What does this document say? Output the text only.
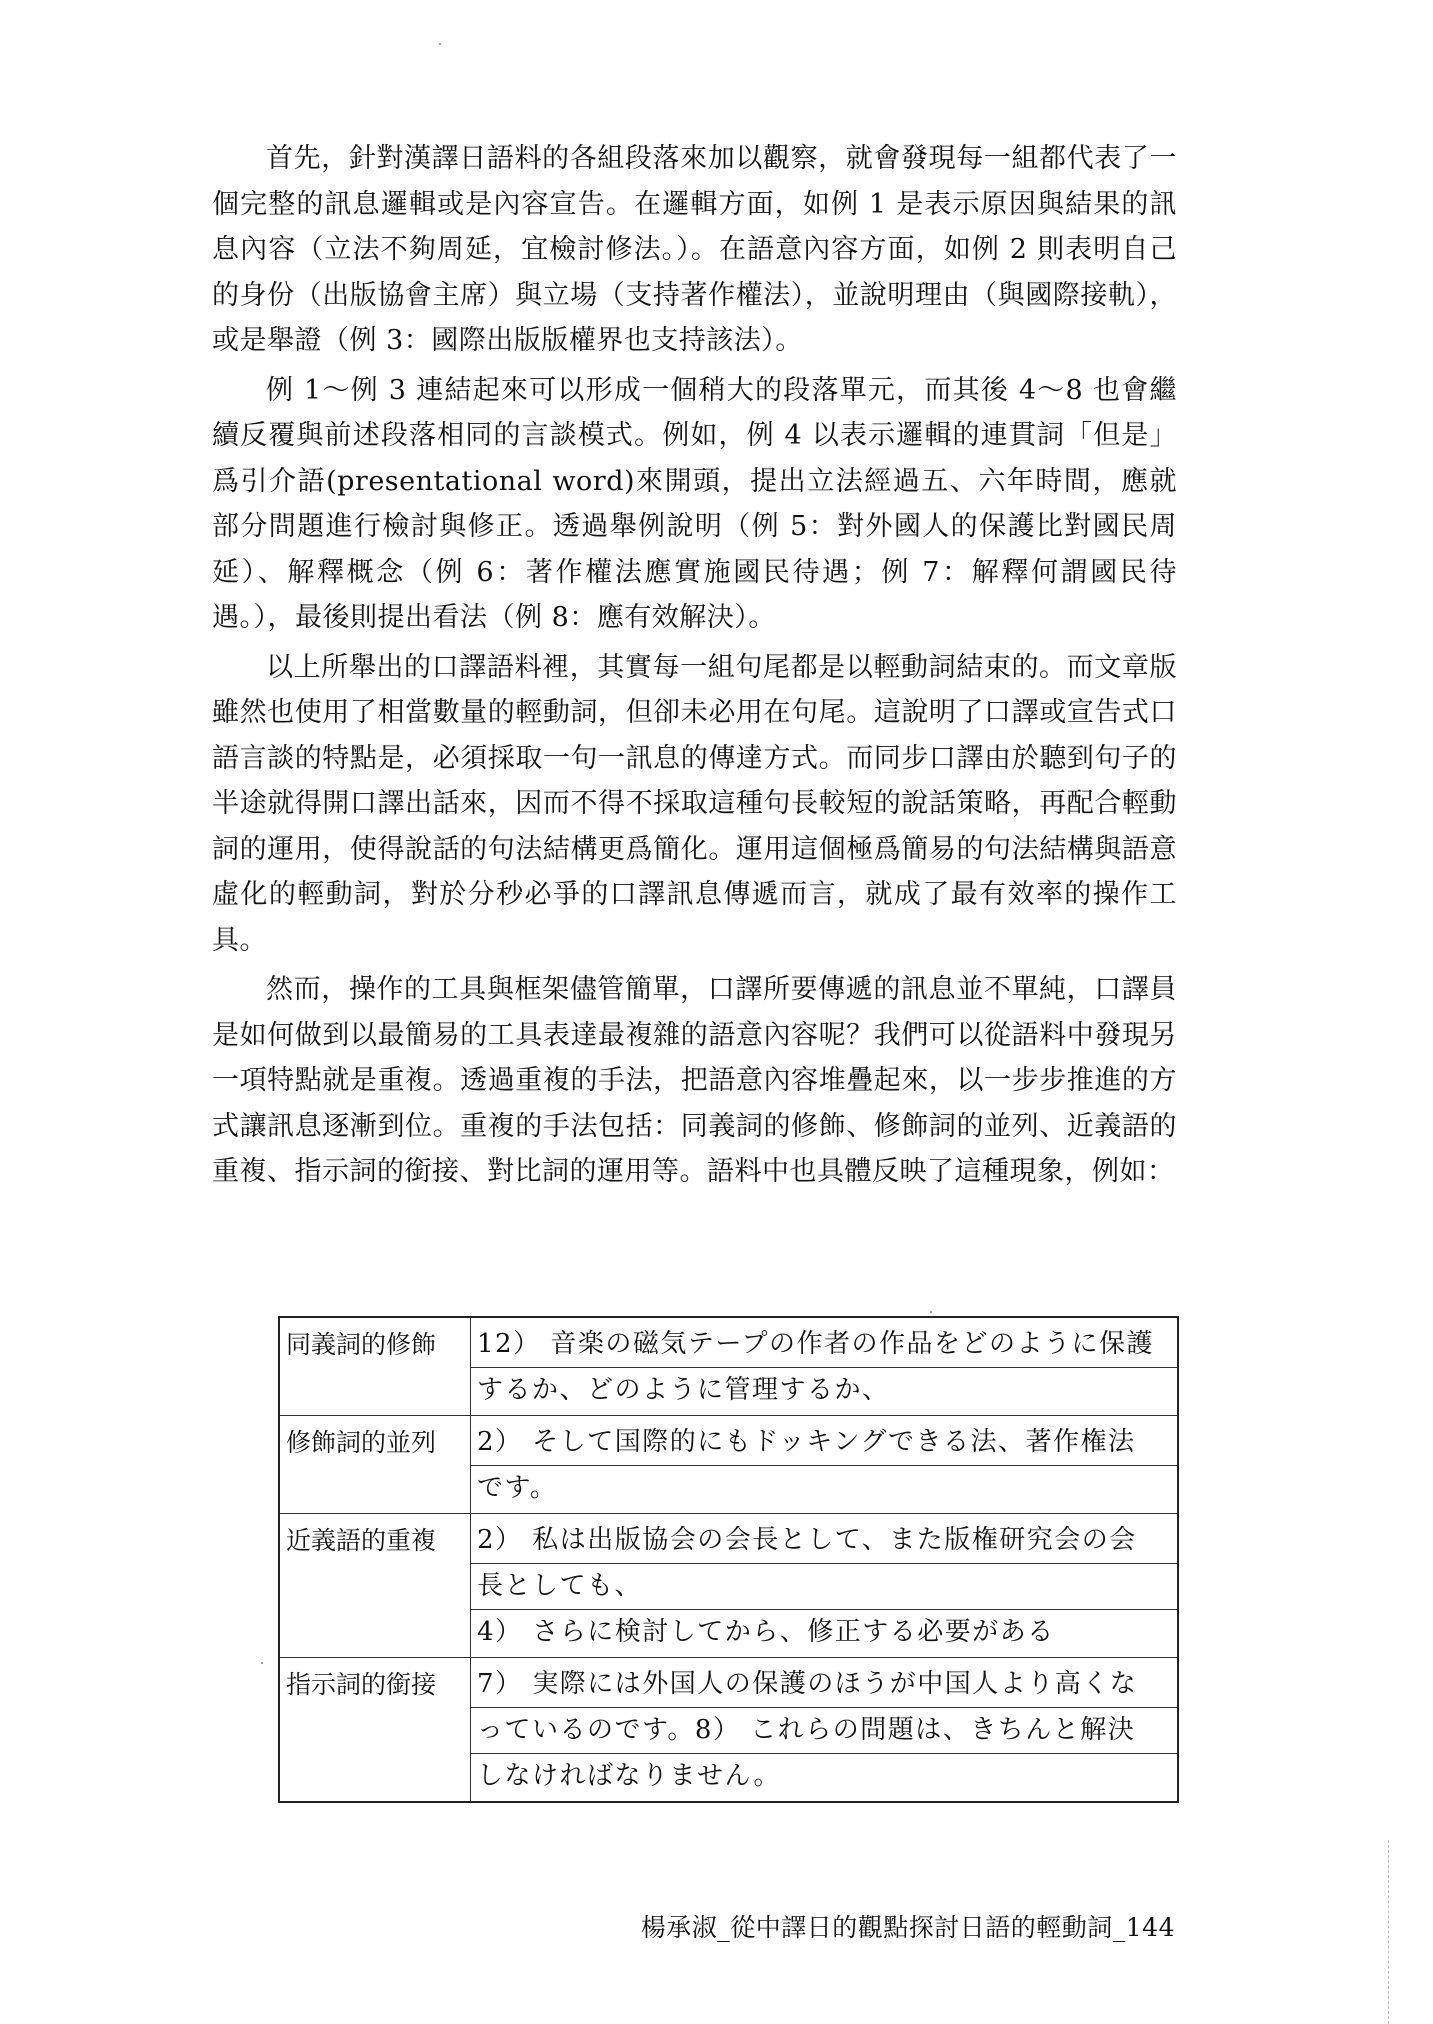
首先，針對漢譯日語料的各組段落來加以觀察，就會發現每一組都代表了一個完整的訊息邏輯或是內容宣告。在邏輯方面，如例 1 是表示原因與結果的訊息內容（立法不夠周延，宜檢討修法。）。在語意內容方面，如例 2 則表明自己的身份（出版協會主席）與立場（支持著作權法），並說明理由（與國際接軌），或是舉證（例 3：國際出版版權界也支持該法）。

例 1～例 3 連結起來可以形成一個稍大的段落單元，而其後 4～8 也會繼續反覆與前述段落相同的言談模式。例如，例 4 以表示邏輯的連貫詞「但是」爲引介語(presentational word)來開頭，提出立法經過五、六年時間，應就部分問題進行檢討與修正。透過舉例說明（例 5：對外國人的保護比對國民周延）、解釋概念（例 6：著作權法應實施國民待遇；例 7：解釋何謂國民待遇。），最後則提出看法（例 8：應有效解決）。

以上所舉出的口譯語料裡，其實每一組句尾都是以輕動詞結束的。而文章版雖然也使用了相當數量的輕動詞，但卻未必用在句尾。這說明了口譯或宣告式口語言談的特點是，必須採取一句一訊息的傳達方式。而同步口譯由於聽到句子的半途就得開口譯出話來，因而不得不採取這種句長較短的說話策略，再配合輕動詞的運用，使得說話的句法結構更爲簡化。運用這個極爲簡易的句法結構與語意虛化的輕動詞，對於分秒必爭的口譯訊息傳遞而言，就成了最有效率的操作工具。

然而，操作的工具與框架儘管簡單，口譯所要傳遞的訊息並不單純，口譯員是如何做到以最簡易的工具表達最複雜的語意內容呢？我們可以從語料中發現另一項特點就是重複。透過重複的手法，把語意內容堆疊起來，以一步步推進的方式讓訊息逐漸到位。重複的手法包括：同義詞的修飾、修飾詞的並列、近義語的重複、指示詞的銜接、對比詞的運用等。語料中也具體反映了這種現象，例如：

同義詞的修飾	12） 音楽の磁気テープの作者の作品をどのように保護
するか、どのように管理するか、

修飾詞的並列	2） そして国際的にもドッキングできる法、著作権法
です。

近義語的重複	2） 私は出版協会の会長として、また版権研究会の会
長としても、
4） さらに検討してから、修正する必要がある

指示詞的銜接	7） 実際には外国人の保護のほうが中国人より高くな
っているのです。8） これらの問題は、きちんと解決
しなければなりません。
楊承淑_從中譯日的觀點探討日語的輕動詞_144
